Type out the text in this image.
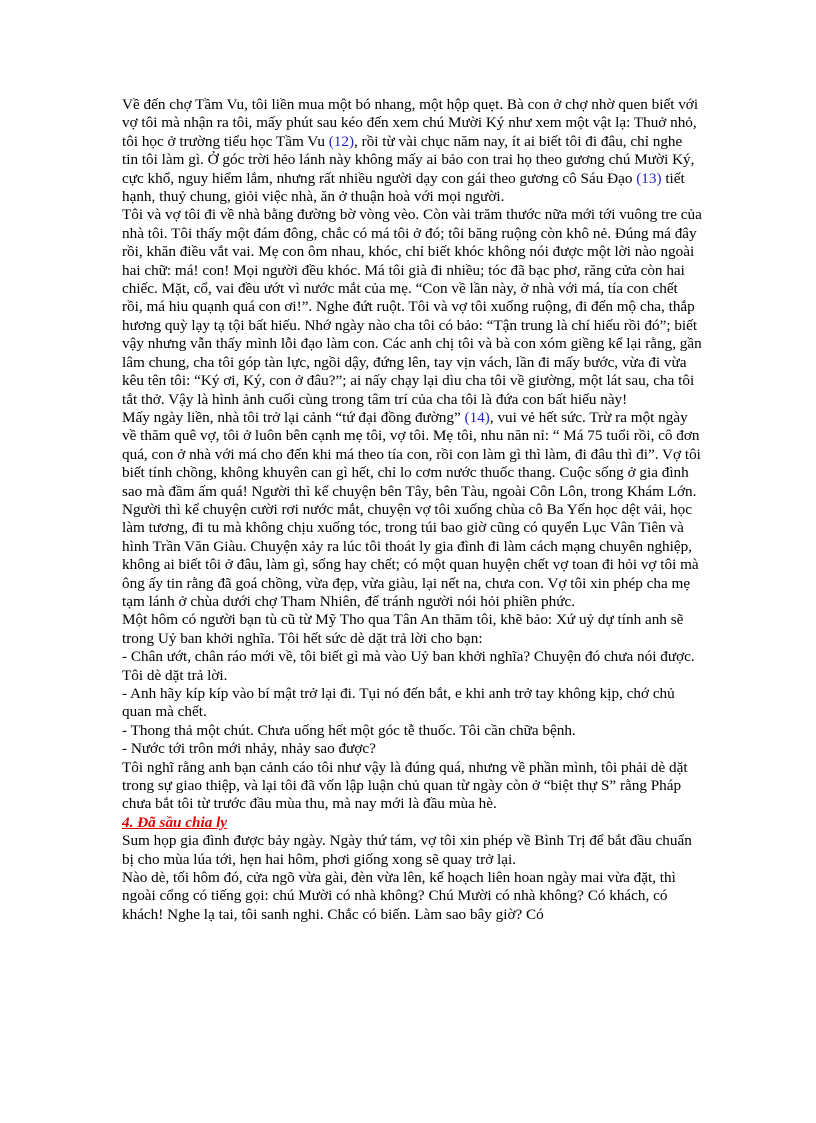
Về đến chợ Tầm Vu, tôi liền mua một bó nhang, một hộp quẹt. Bà con ở chợ nhờ quen biết với vợ tôi mà nhận ra tôi, mấy phút sau kéo đến xem chú Mười Ký như xem một vật lạ: Thuở nhỏ, tôi học ở trường tiểu học Tầm Vu (12), rồi từ vài chục năm nay, ít ai biết tôi đi đâu, chỉ nghe tin tôi làm gì. Ở góc trời hẻo lánh này không mấy ai bảo con trai họ theo gương chú Mười Ký, cực khổ, nguy hiểm lắm, nhưng rất nhiều người dạy con gái theo gương cô Sáu Đạo (13) tiết hạnh, thuỷ chung, giỏi việc nhà, ăn ở thuận hoà với mọi người.

Tôi và vợ tôi đi về nhà bằng đường bờ vòng vèo. Còn vài trăm thước nữa mới tới vuông tre của nhà tôi. Tôi thấy một đám đông, chắc có má tôi ở đó; tôi băng ruộng còn khô nẻ. Đúng má đây rồi, khăn điều vắt vai. Mẹ con ôm nhau, khóc, chỉ biết khóc không nói được một lời nào ngoài hai chữ: má! con! Mọi người đều khóc. Má tôi già đi nhiều; tóc đã bạc phơ, răng cửa còn hai chiếc. Mặt, cổ, vai đều ướt vì nước mắt của mẹ. “Con về lần này, ở nhà với má, tía con chết rồi, má hiu quạnh quá con ơi!”. Nghe đứt ruột. Tôi và vợ tôi xuống ruộng, đi đến mộ cha, thắp hương quỳ lạy tạ tội bất hiếu. Nhớ ngày nào cha tôi có bảo: “Tận trung là chí hiếu rồi đó”; biết vậy nhưng vẫn thấy mình lỗi đạo làm con. Các anh chị tôi và bà con xóm giềng kể lại rằng, gần lâm chung, cha tôi góp tàn lực, ngồi dậy, đứng lên, tay vịn vách, lần đi mấy bước, vừa đi vừa kêu tên tôi: “Ký ơi, Ký, con ở đâu?”; ai nấy chạy lại dìu cha tôi về giường, một lát sau, cha tôi tắt thở. Vậy là hình ảnh cuối cùng trong tâm trí của cha tôi là đứa con bất hiếu này!

Mấy ngày liền, nhà tôi trở lại cảnh “tứ đại đồng đường” (14), vui vẻ hết sức. Trừ ra một ngày về thăm quê vợ, tôi ở luôn bên cạnh mẹ tôi, vợ tôi. Mẹ tôi, nhu năn nỉ: “ Má 75 tuổi rồi, cô đơn quá, con ở nhà với má cho đến khi má theo tía con, rồi con làm gì thì làm, đi đâu thì đi”. Vợ tôi biết tính chồng, không khuyên can gì hết, chỉ lo cơm nước thuốc thang. Cuộc sống ở gia đình sao mà đầm ấm quá! Người thì kể chuyện bên Tây, bên Tàu, ngoài Côn Lôn, trong Khám Lớn. Người thì kể chuyện cười rơi nước mắt, chuyện vợ tôi xuống chùa cô Ba Yến học dệt vải, học làm tương, đi tu mà không chịu xuống tóc, trong túi bao giờ cũng có quyển Lục Vân Tiên và hình Trần Văn Giàu. Chuyện xảy ra lúc tôi thoát ly gia đình đi làm cách mạng chuyên nghiệp, không ai biết tôi ở đâu, làm gì, sống hay chết; có một quan huyện chết vợ toan đi hỏi vợ tôi mà ông ấy tin rằng đã goá chồng, vừa đẹp, vừa giàu, lại nết na, chưa con. Vợ tôi xin phép cha mẹ tạm lánh ở chùa dưới chợ Tham Nhiên, để tránh người nói hỏi phiền phức.

Một hôm có người bạn tù cũ từ Mỹ Tho qua Tân An thăm tôi, khẽ bảo: Xứ uỷ dự tính anh sẽ trong Uỷ ban khởi nghĩa. Tôi hết sức dè dặt trả lời cho bạn:

- Chân ướt, chân ráo mới về, tôi biết gì mà vào Uỷ ban khởi nghĩa? Chuyện đó chưa nói được. Tôi dè dặt trả lời.

- Anh hãy kíp kíp vào bí mật trở lại đi. Tụi nó đến bắt, e khi anh trở tay không kịp, chớ chủ quan mà chết.

- Thong thả một chút. Chưa uống hết một góc tễ thuốc. Tôi cần chữa bệnh.

- Nước tới trôn mới nhảy, nhảy sao được?

Tôi nghĩ rằng anh bạn cảnh cáo tôi như vậy là đúng quá, nhưng về phần mình, tôi phải dè dặt trong sự giao thiệp, và lại tôi đã vốn lập luận chủ quan từ ngày còn ở “biệt thự S” rằng Pháp chưa bắt tôi từ trước đầu mùa thu, mà nay mới là đầu mùa hè.

4. Đã sầu chia ly

Sum họp gia đình được bảy ngày. Ngày thứ tám, vợ tôi xin phép về Bình Trị để bắt đầu chuẩn bị cho mùa lúa tới, hẹn hai hôm, phơi giống xong sẽ quay trở lại.

Nào dè, tối hôm đó, cửa ngõ vừa gài, đèn vừa lên, kế hoạch liên hoan ngày mai vừa đặt, thì ngoài cổng có tiếng gọi: chú Mười có nhà không? Chú Mười có nhà không? Có khách, có khách! Nghe lạ tai, tôi sanh nghi. Chắc có biến. Làm sao bây giờ? Có
